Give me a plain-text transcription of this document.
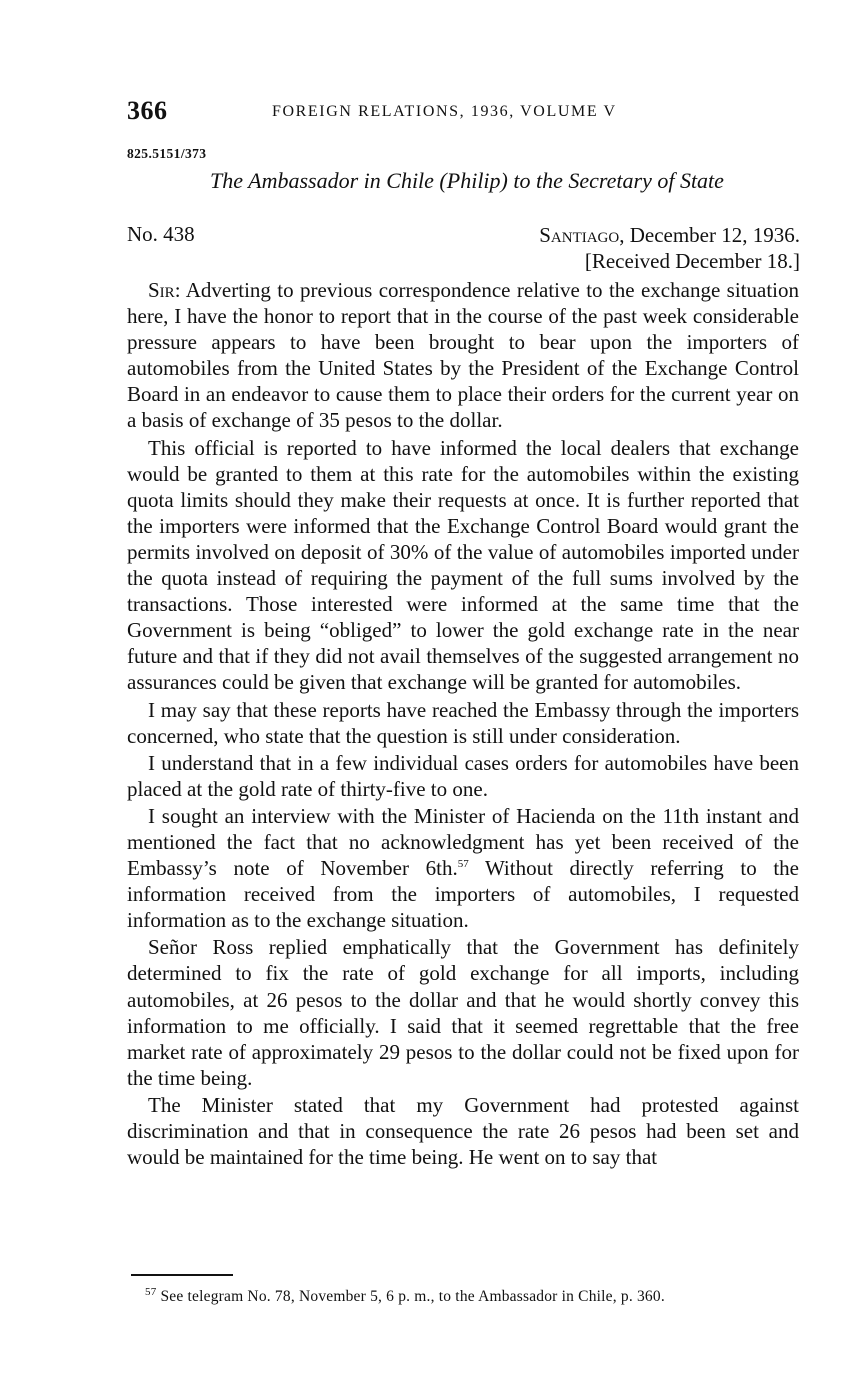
366	FOREIGN RELATIONS, 1936, VOLUME V
825.5151/373
The Ambassador in Chile (Philip) to the Secretary of State
No. 438	Santiago, December 12, 1936.
[Received December 18.]

Sir: Adverting to previous correspondence relative to the exchange situation here, I have the honor to report that in the course of the past week considerable pressure appears to have been brought to bear upon the importers of automobiles from the United States by the President of the Exchange Control Board in an endeavor to cause them to place their orders for the current year on a basis of exchange of 35 pesos to the dollar.

This official is reported to have informed the local dealers that exchange would be granted to them at this rate for the automobiles within the existing quota limits should they make their requests at once. It is further reported that the importers were informed that the Exchange Control Board would grant the permits involved on deposit of 30% of the value of automobiles imported under the quota instead of requiring the payment of the full sums involved by the transactions. Those interested were informed at the same time that the Government is being “obliged” to lower the gold exchange rate in the near future and that if they did not avail themselves of the suggested arrangement no assurances could be given that exchange will be granted for automobiles.

I may say that these reports have reached the Embassy through the importers concerned, who state that the question is still under consideration.

I understand that in a few individual cases orders for automobiles have been placed at the gold rate of thirty-five to one.

I sought an interview with the Minister of Hacienda on the 11th instant and mentioned the fact that no acknowledgment has yet been received of the Embassy’s note of November 6th.$^{57}$ Without directly referring to the information received from the importers of automobiles, I requested information as to the exchange situation.

Señor Ross replied emphatically that the Government has definitely determined to fix the rate of gold exchange for all imports, including automobiles, at 26 pesos to the dollar and that he would shortly convey this information to me officially. I said that it seemed regrettable that the free market rate of approximately 29 pesos to the dollar could not be fixed upon for the time being.

The Minister stated that my Government had protested against discrimination and that in consequence the rate 26 pesos had been set and would be maintained for the time being. He went on to say that

$^{57}$ See telegram No. 78, November 5, 6 p. m., to the Ambassador in Chile, p. 360.
